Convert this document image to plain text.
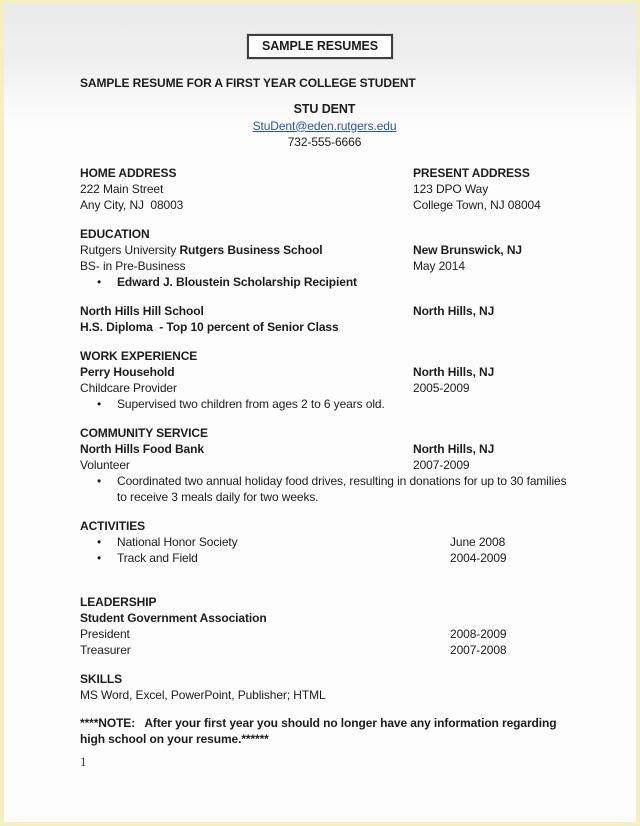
SAMPLE RESUMES
SAMPLE RESUME FOR A FIRST YEAR COLLEGE STUDENT
STU DENT
StuDent@eden.rutgers.edu
732-555-6666
HOME ADDRESS	PRESENT ADDRESS
222 Main Street	123 DPO Way
Any City, NJ  08003	College Town, NJ 08004
EDUCATION
Rutgers University Rutgers Business School	New Brunswick, NJ
BS- in Pre-Business	May 2014
•	Edward J. Bloustein Scholarship Recipient
North Hills Hill School	North Hills, NJ
H.S. Diploma  - Top 10 percent of Senior Class
WORK EXPERIENCE
Perry Household	North Hills, NJ
Childcare Provider	2005-2009
•	Supervised two children from ages 2 to 6 years old.
COMMUNITY SERVICE
North Hills Food Bank	North Hills, NJ
Volunteer	2007-2009
•	Coordinated two annual holiday food drives, resulting in donations for up to 30 families to receive 3 meals daily for two weeks.
ACTIVITIES
•	National Honor Society	June 2008
•	Track and Field	2004-2009
LEADERSHIP
Student Government Association
President	2008-2009
Treasurer	2007-2008
SKILLS
MS Word, Excel, PowerPoint, Publisher; HTML
****NOTE:   After your first year you should no longer have any information regarding high school on your resume.******
1
